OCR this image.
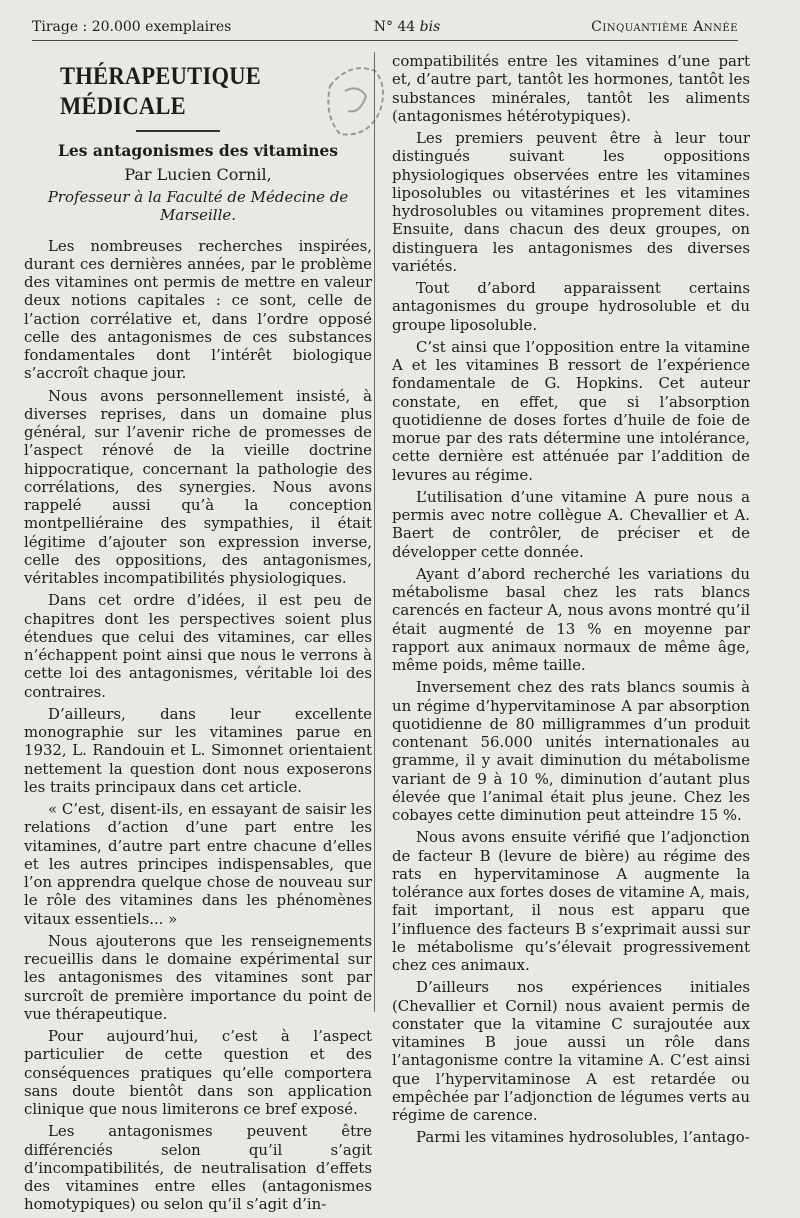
Tirage : 20.000 exemplaires	N° 44 bis	Cinquantième Année
THÉRAPEUTIQUE MÉDICALE
Les antagonismes des vitamines
Par Lucien Cornil,
Professeur à la Faculté de Médecine de Marseille.

Les nombreuses recherches inspirées, durant ces dernières années, par le problème des vitamines ont permis de mettre en valeur deux notions capitales : ce sont, celle de l’action corrélative et, dans l’ordre opposé celle des antagonismes de ces substances fondamentales dont l’intérêt biologique s’accroît chaque jour.

Nous avons personnellement insisté, à diverses reprises, dans un domaine plus général, sur l’avenir riche de promesses de l’aspect rénové de la vieille doctrine hippocratique, concernant la pathologie des corrélations, des synergies. Nous avons rappelé aussi qu’à la conception montpelliéraine des sympathies, il était légitime d’ajouter son expression inverse, celle des oppositions, des antagonismes, véritables incompatibilités physiologiques.

Dans cet ordre d’idées, il est peu de chapitres dont les perspectives soient plus étendues que celui des vitamines, car elles n’échappent point ainsi que nous le verrons à cette loi des antagonismes, véritable loi des contraires.

D’ailleurs, dans leur excellente monographie sur les vitamines parue en 1932, L. Randouin et L. Simonnet orientaient nettement la question dont nous exposerons les traits principaux dans cet article.

« C’est, disent-ils, en essayant de saisir les relations d’action d’une part entre les vitamines, d’autre part entre chacune d’elles et les autres principes indispensables, que l’on apprendra quelque chose de nouveau sur le rôle des vitamines dans les phénomènes vitaux essentiels... »

Nous ajouterons que les renseignements recueillis dans le domaine expérimental sur les antagonismes des vitamines sont par surcroît de première importance du point de vue thérapeutique.

Pour aujourd’hui, c’est à l’aspect particulier de cette question et des conséquences pratiques qu’elle comportera sans doute bientôt dans son application clinique que nous limiterons ce bref exposé.

Les antagonismes peuvent être différenciés selon qu’il s’agit d’incompatibilités, de neutralisation d’effets des vitamines entre elles (antagonismes homotypiques) ou selon qu’il s’agit d’in-

compatibilités entre les vitamines d’une part et, d’autre part, tantôt les hormones, tantôt les substances minérales, tantôt les aliments (antagonismes hétérotypiques).

Les premiers peuvent être à leur tour distingués suivant les oppositions physiologiques observées entre les vitamines liposolubles ou vitastérines et les vitamines hydrosolubles ou vitamines proprement dites. Ensuite, dans chacun des deux groupes, on distinguera les antagonismes des diverses variétés.

Tout d’abord apparaissent certains antagonismes du groupe hydrosoluble et du groupe liposoluble.

C’st ainsi que l’opposition entre la vitamine A et les vitamines B ressort de l’expérience fondamentale de G. Hopkins. Cet auteur constate, en effet, que si l’absorption quotidienne de doses fortes d’huile de foie de morue par des rats détermine une intolérance, cette dernière est atténuée par l’addition de levures au régime.

L’utilisation d’une vitamine A pure nous a permis avec notre collègue A. Chevallier et A. Baert de contrôler, de préciser et de développer cette donnée.

Ayant d’abord recherché les variations du métabolisme basal chez les rats blancs carencés en facteur A, nous avons montré qu’il était augmenté de 13 % en moyenne par rapport aux animaux normaux de même âge, même poids, même taille.

Inversement chez des rats blancs soumis à un régime d’hypervitaminose A par absorption quotidienne de 80 milligrammes d’un produit contenant 56.000 unités internationales au gramme, il y avait diminution du métabolisme variant de 9 à 10 %, diminution d’autant plus élevée que l’animal était plus jeune. Chez les cobayes cette diminution peut atteindre 15 %.

Nous avons ensuite vérifié que l’adjonction de facteur B (levure de bière) au régime des rats en hypervitaminose A augmente la tolérance aux fortes doses de vitamine A, mais, fait important, il nous est apparu que l’influence des facteurs B s’exprimait aussi sur le métabolisme qu’s’élevait progressivement chez ces animaux.

D’ailleurs nos expériences initiales (Chevallier et Cornil) nous avaient permis de constater que la vitamine C surajoutée aux vitamines B joue aussi un rôle dans l’antagonisme contre la vitamine A. C’est ainsi que l’hypervitaminose A est retardée ou empêchée par l’adjonction de légumes verts au régime de carence.

Parmi les vitamines hydrosolubles, l’antago-
